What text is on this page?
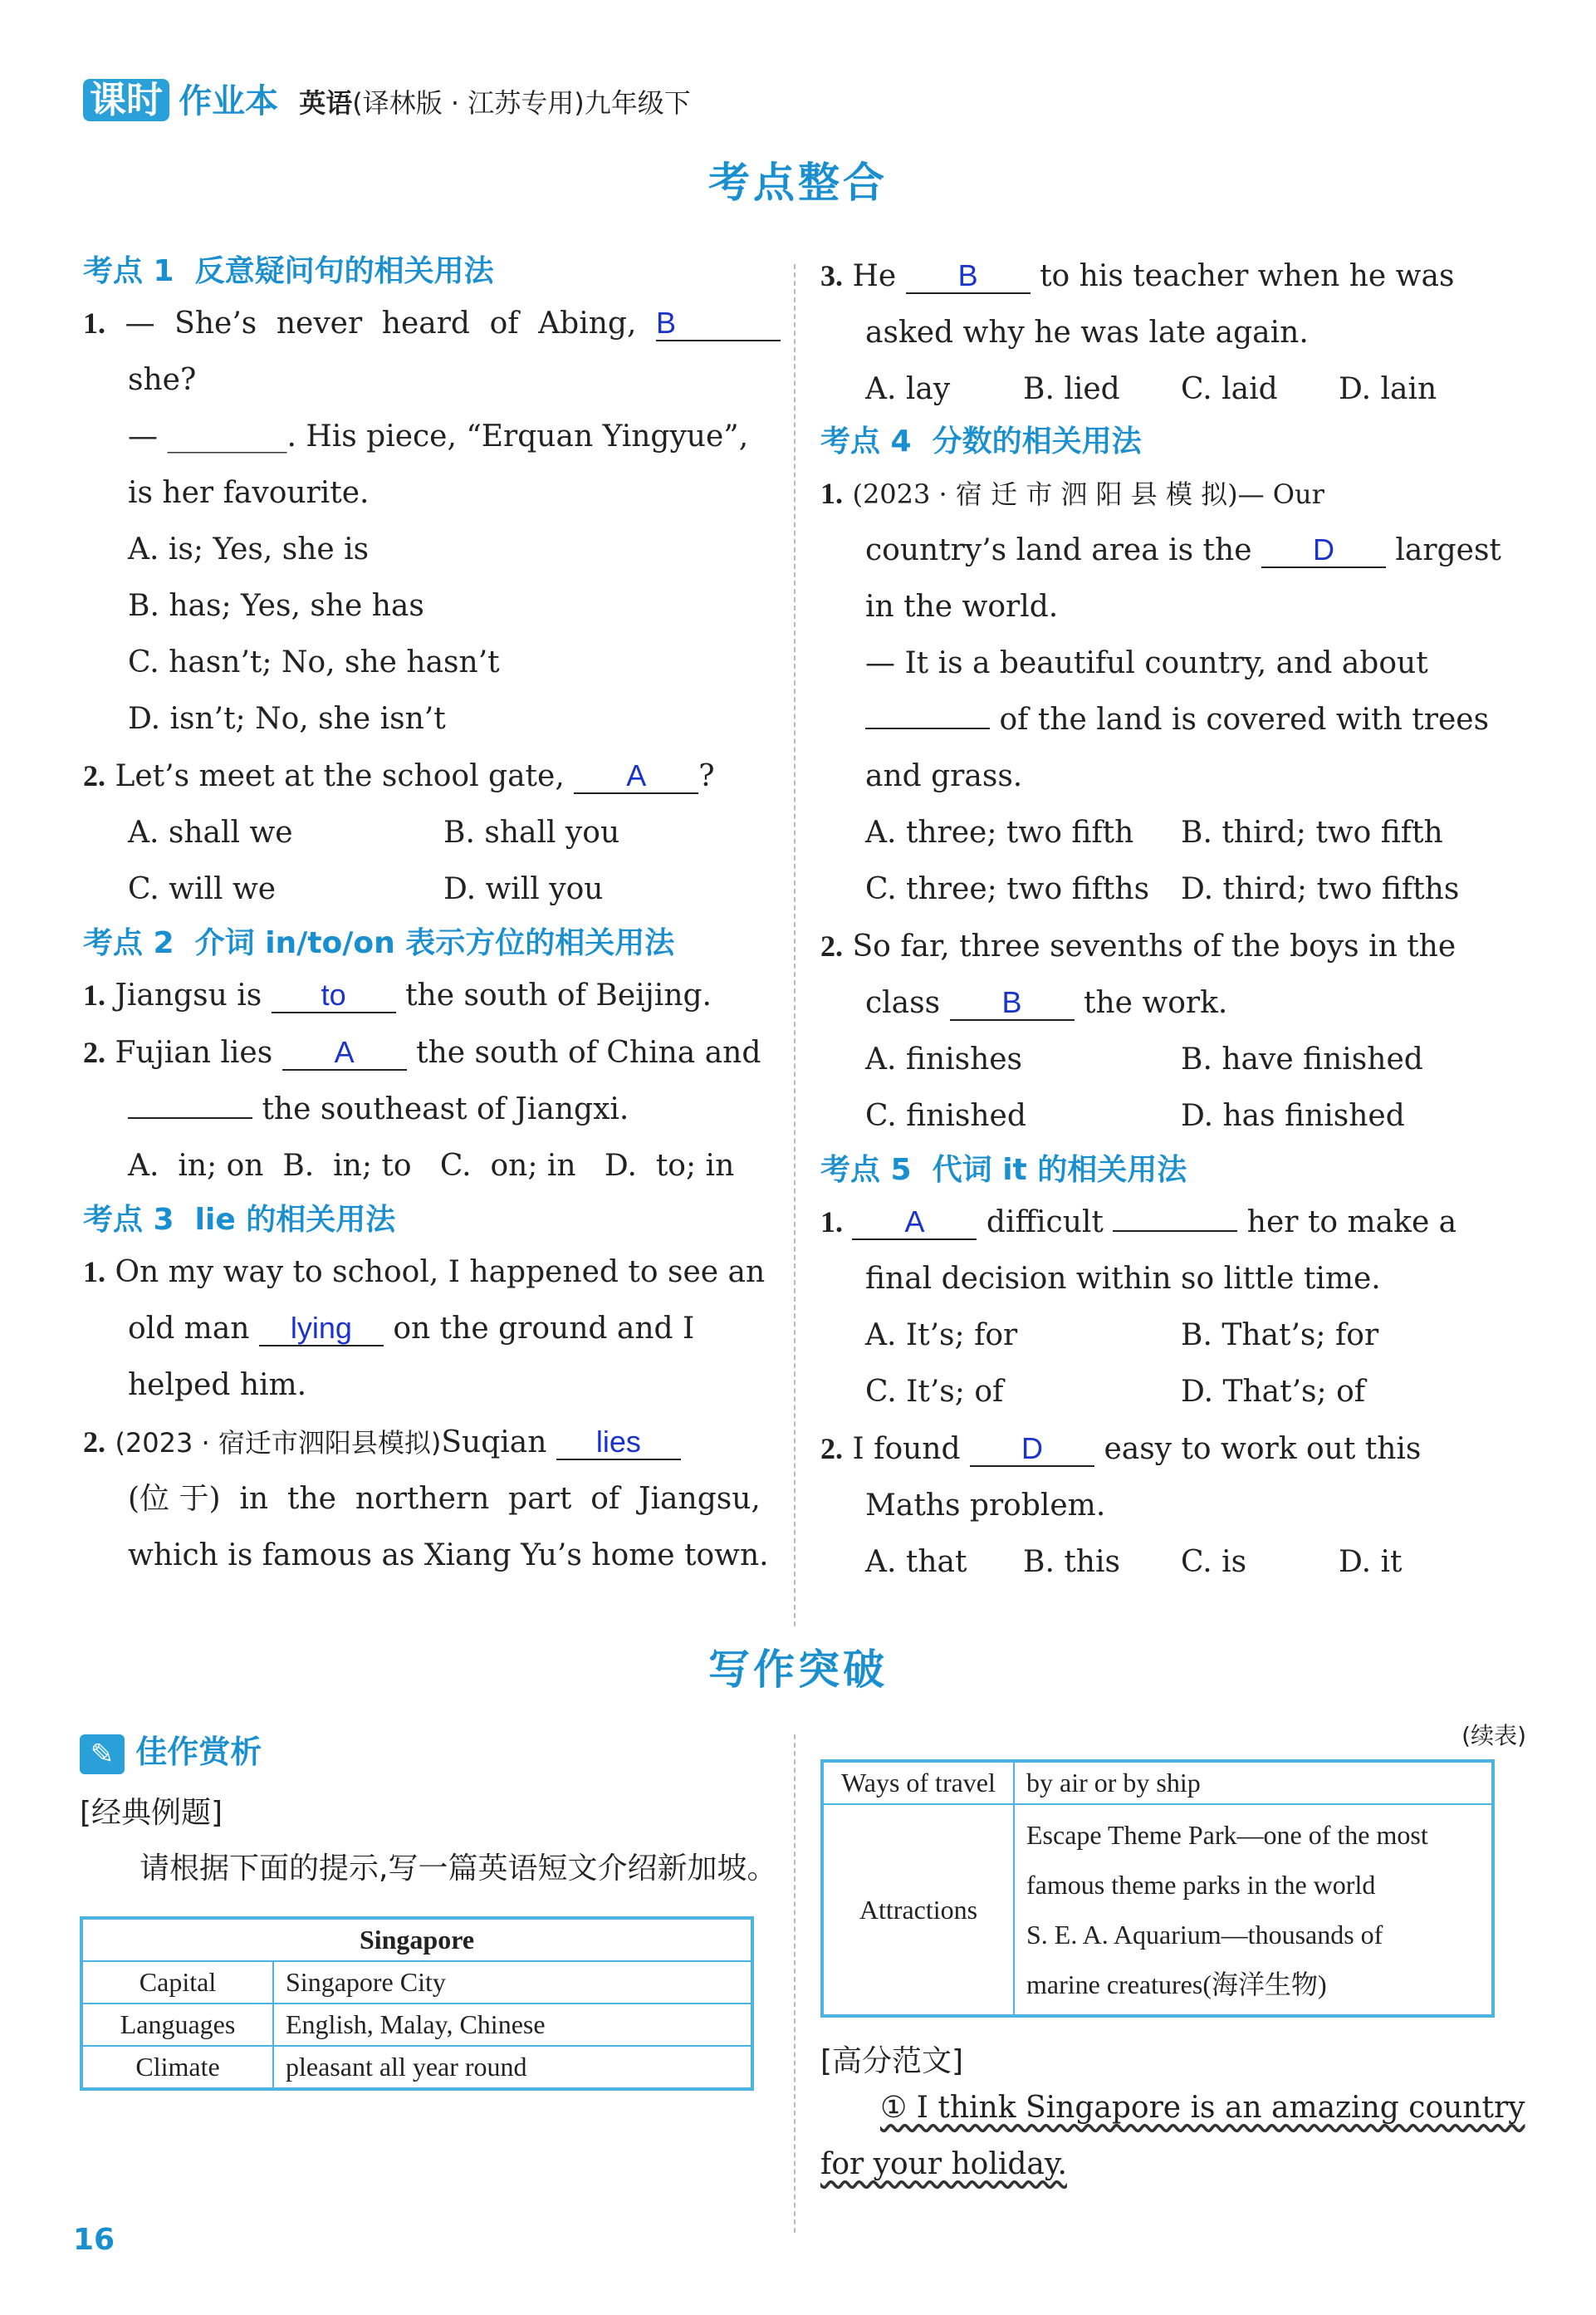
课时 作业本 英语(译林版 · 江苏专用)九年级下
考点整合
考点 1 反意疑问句的相关用法
1. — She’s never heard of Abing, B
she?
— ________. His piece, “Erquan Yingyue”,
is her favourite.
A. is; Yes, she is
B. has; Yes, she has
C. hasn’t; No, she hasn’t
D. isn’t; No, she isn’t
2. Let’s meet at the school gate, A ?
A. shall we	B. shall you
C. will we	D. will you
考点 2 介词 in/to/on 表示方位的相关用法
1. Jiangsu is to the south of Beijing.
2. Fujian lies A the south of China and
the southeast of Jiangxi.
A.  in; on  B.  in; to   C.  on; in   D.  to; in
考点 3 lie 的相关用法
1. On my way to school, I happened to see an
old man lying on the ground and I
helped him.
2. (2023 · 宿迁市泗阳县模拟)Suqian lies
(位 于)  in  the  northern  part  of  Jiangsu,
which is famous as Xiang Yu’s home town.
3. He B to his teacher when he was
asked why he was late again.
A. lay	B. lied	C. laid	D. lain
考点 4 分数的相关用法
1. (2023 · 宿 迁 市 泗 阳 县 模 拟)— Our
country’s land area is the D largest
in the world.
— It is a beautiful country, and about
of the land is covered with trees
and grass.
A. three; two fifth	B. third; two fifth
C. three; two fifths	D. third; two fifths
2. So far, three sevenths of the boys in the
class B the work.
A. finishes	B. have finished
C. finished	D. has finished
考点 5 代词 it 的相关用法
1. A difficult	her to make a
final decision within so little time.
A. It’s; for	B. That’s; for
C. It’s; of	D. That’s; of
2. I found D easy to work out this
Maths problem.
A. that	B. this	C. is	D. it
写作突破
✎ 佳作赏析
[经典例题]
请根据下面的提示,写一篇英语短文介绍新加坡。
Singapore	
Capital	Singapore City
Languages	English, Malay, Chinese
Climate	pleasant all year round
(续表)
Ways of travel	by air or by ship
Attractions	Escape Theme Park—one of the most
famous theme parks in the world
S. E. A. Aquarium—thousands of
marine creatures(海洋生物)
[高分范文]
① I think Singapore is an amazing country
for your holiday.
16
